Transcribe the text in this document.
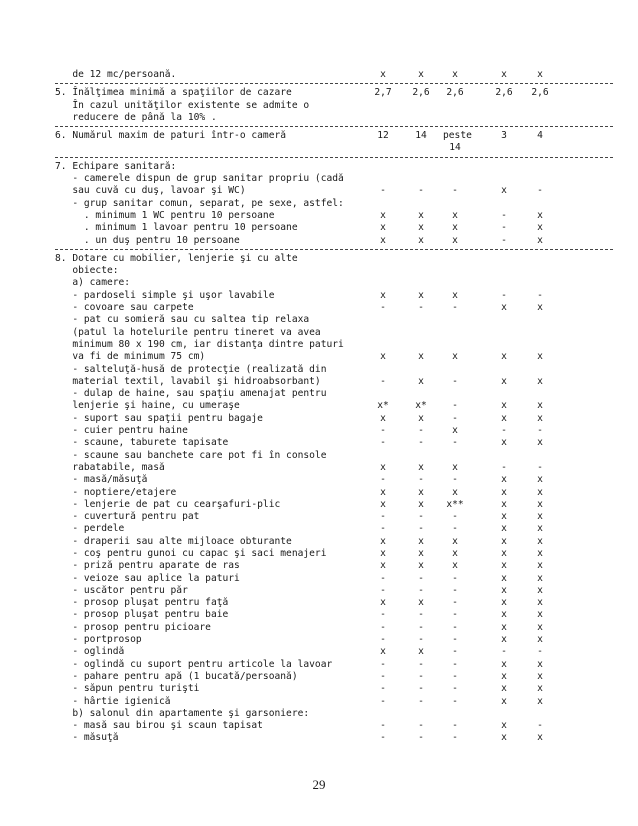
de 12 mc/persoană.	x	x	x	x	x
5. Înălţimea minimă a spaţiilor de cazare	2,7	2,6	2,6	2,6	2,6
În cazul unităţilor existente se admite o
reducere de până la 10% .
6. Numărul maxim de paturi într-o cameră	12	14	peste	3	4
14
7. Echipare sanitară:
- camerele dispun de grup sanitar propriu (cadă
sau cuvă cu duş, lavoar şi WC)	-	-	-	x	-
- grup sanitar comun, separat, pe sexe, astfel:
. minimum 1 WC pentru 10 persoane	x	x	x	-	x
. minimum 1 lavoar pentru 10 persoane	x	x	x	-	x
. un duş pentru 10 persoane	x	x	x	-	x
8. Dotare cu mobilier, lenjerie şi cu alte
obiecte:
a) camere:
- pardoseli simple şi uşor lavabile	x	x	x	-	-
- covoare sau carpete	-	-	-	x	x
- pat cu somieră sau cu saltea tip relaxa
(patul la hotelurile pentru tineret va avea
minimum 80 x 190 cm, iar distanţa dintre paturi
va fi de minimum 75 cm)	x	x	x	x	x
- salteluţă-husă de protecţie (realizată din
material textil, lavabil şi hidroabsorbant)	-	x	-	x	x
- dulap de haine, sau spaţiu amenajat pentru
lenjerie şi haine, cu umeraşe	x*	x*	-	x	x
- suport sau spaţii pentru bagaje	x	x	-	x	x
- cuier pentru haine	-	-	x	-	-
- scaune, taburete tapisate	-	-	-	x	x
- scaune sau banchete care pot fi în console
rabatabile, masă	x	x	x	-	-
- masă/măsuţă	-	-	-	x	x
- noptiere/etajere	x	x	x	x	x
- lenjerie de pat cu cearşafuri-plic	x	x	x**	x	x
- cuvertură pentru pat	-	-	-	x	x
- perdele	-	-	-	x	x
- draperii sau alte mijloace obturante	x	x	x	x	x
- coş pentru gunoi cu capac şi saci menajeri	x	x	x	x	x
- priză pentru aparate de ras	x	x	x	x	x
- veioze sau aplice la paturi	-	-	-	x	x
- uscător pentru păr	-	-	-	x	x
- prosop pluşat pentru faţă	x	x	-	x	x
- prosop pluşat pentru baie	-	-	-	x	x
- prosop pentru picioare	-	-	-	x	x
- portprosop	-	-	-	x	x
- oglindă	x	x	-	-	-
- oglindă cu suport pentru articole la lavoar	-	-	-	x	x
- pahare pentru apă (1 bucată/persoană)	-	-	-	x	x
- săpun pentru turişti	-	-	-	x	x
- hârtie igienică	-	-	-	x	x
b) salonul din apartamente şi garsoniere:
- masă sau birou şi scaun tapisat	-	-	-	x	-
- măsuţă	-	-	-	x	x
29
